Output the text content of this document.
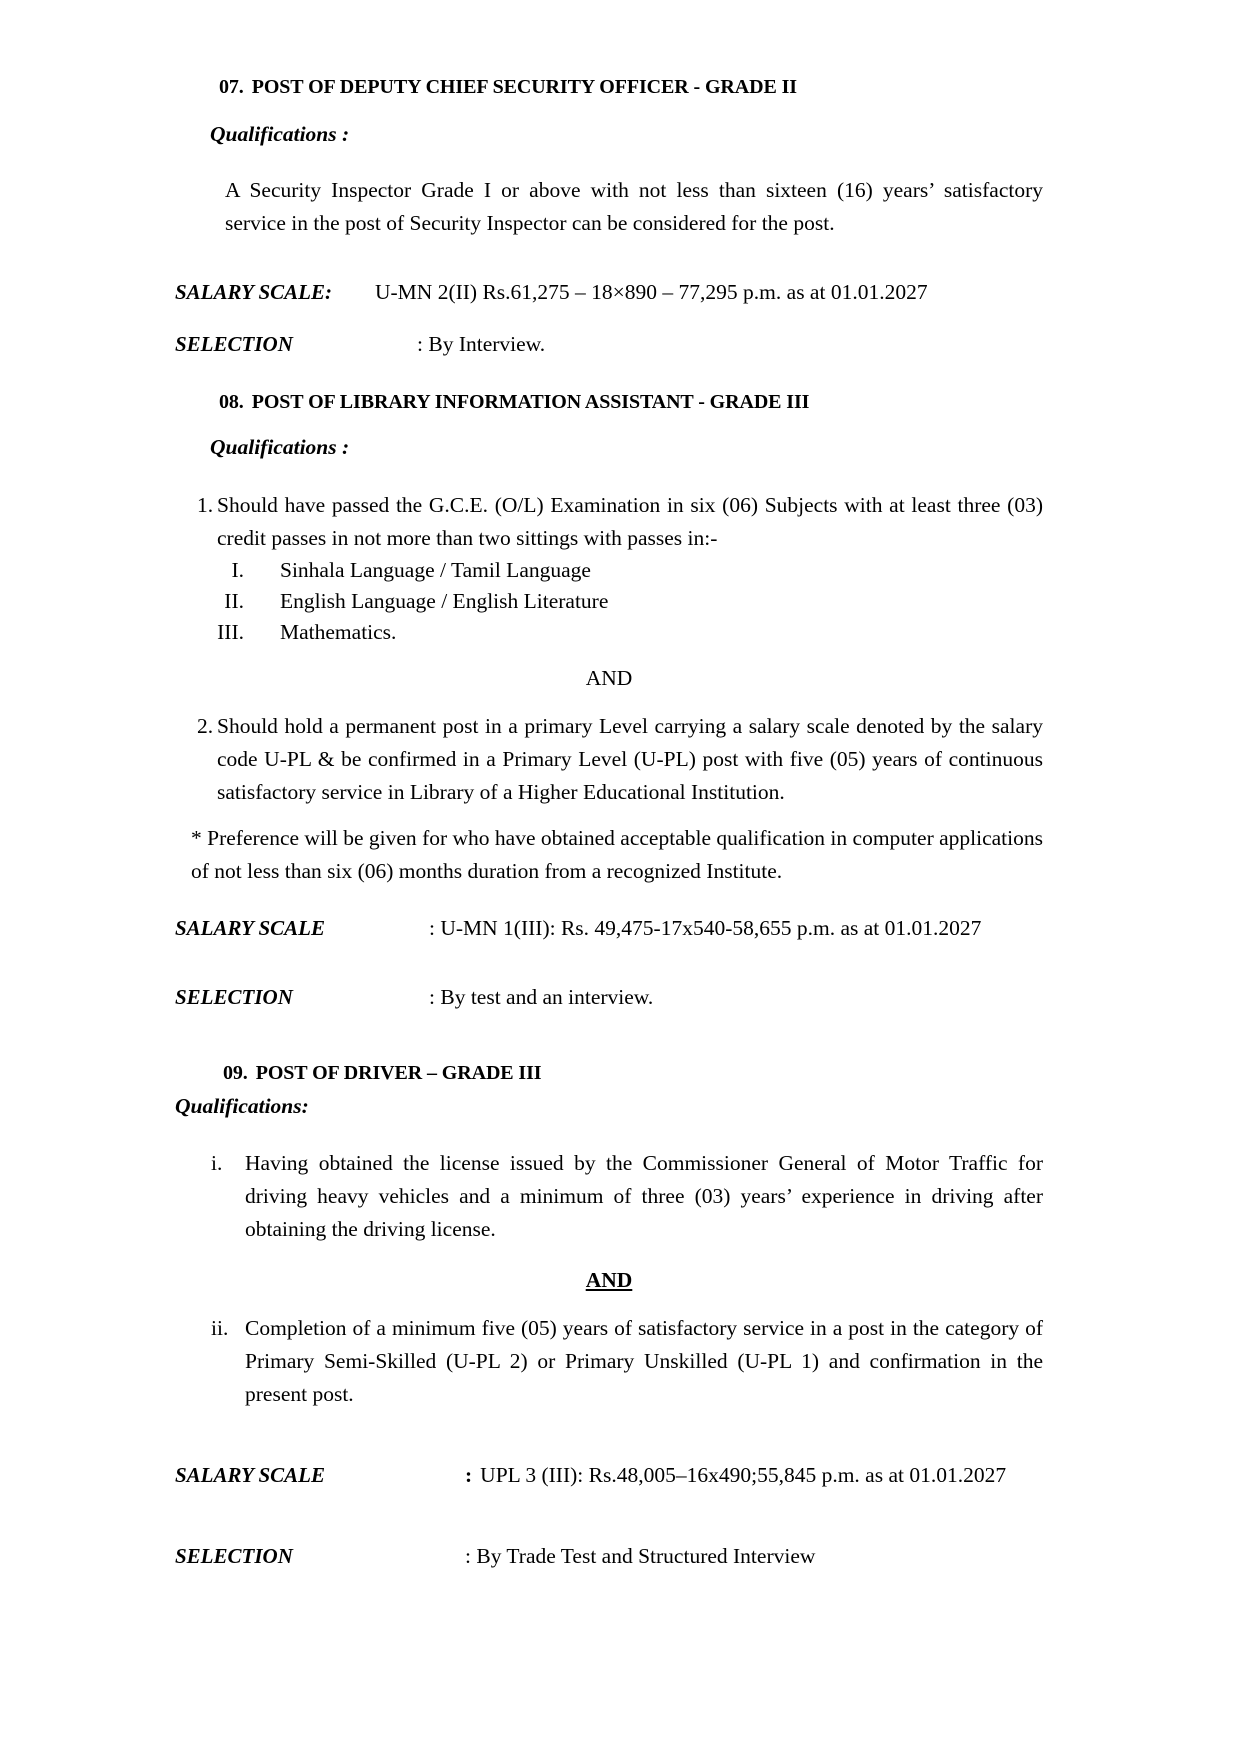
07. POST OF DEPUTY CHIEF SECURITY OFFICER - GRADE II
Qualifications :

A Security Inspector Grade I or above with not less than sixteen (16) years’ satisfactory service in the post of Security Inspector can be considered for the post.

SALARY SCALE:	U-MN 2(II) Rs.61,275 – 18×890 – 77,295 p.m. as at 01.01.2027
SELECTION	: By Interview.
08. POST OF LIBRARY INFORMATION ASSISTANT - GRADE III
Qualifications :
1. Should have passed the G.C.E. (O/L) Examination in six (06) Subjects with at least three (03) credit passes in not more than two sittings with passes in:-
I. Sinhala Language / Tamil Language
II. English Language / English Literature
III. Mathematics.
AND
2. Should hold a permanent post in a primary Level carrying a salary scale denoted by the salary code U-PL & be confirmed in a Primary Level (U-PL) post with five (05) years of continuous satisfactory service in Library of a Higher Educational Institution.

* Preference will be given for who have obtained acceptable qualification in computer applications of not less than six (06) months duration from a recognized Institute.

SALARY SCALE	: U-MN 1(III): Rs. 49,475-17x540-58,655 p.m. as at 01.01.2027
SELECTION	: By test and an interview.
09. POST OF DRIVER – GRADE III
Qualifications:
i. Having obtained the license issued by the Commissioner General of Motor Traffic for driving heavy vehicles and a minimum of three (03) years’ experience in driving after obtaining the driving license.
AND
ii. Completion of a minimum five (05) years of satisfactory service in a post in the category of Primary Semi-Skilled (U-PL 2) or Primary Unskilled (U-PL 1) and confirmation in the present post.
SALARY SCALE	: UPL 3 (III): Rs.48,005–16x490;55,845 p.m. as at 01.01.2027
SELECTION	: By Trade Test and Structured Interview
